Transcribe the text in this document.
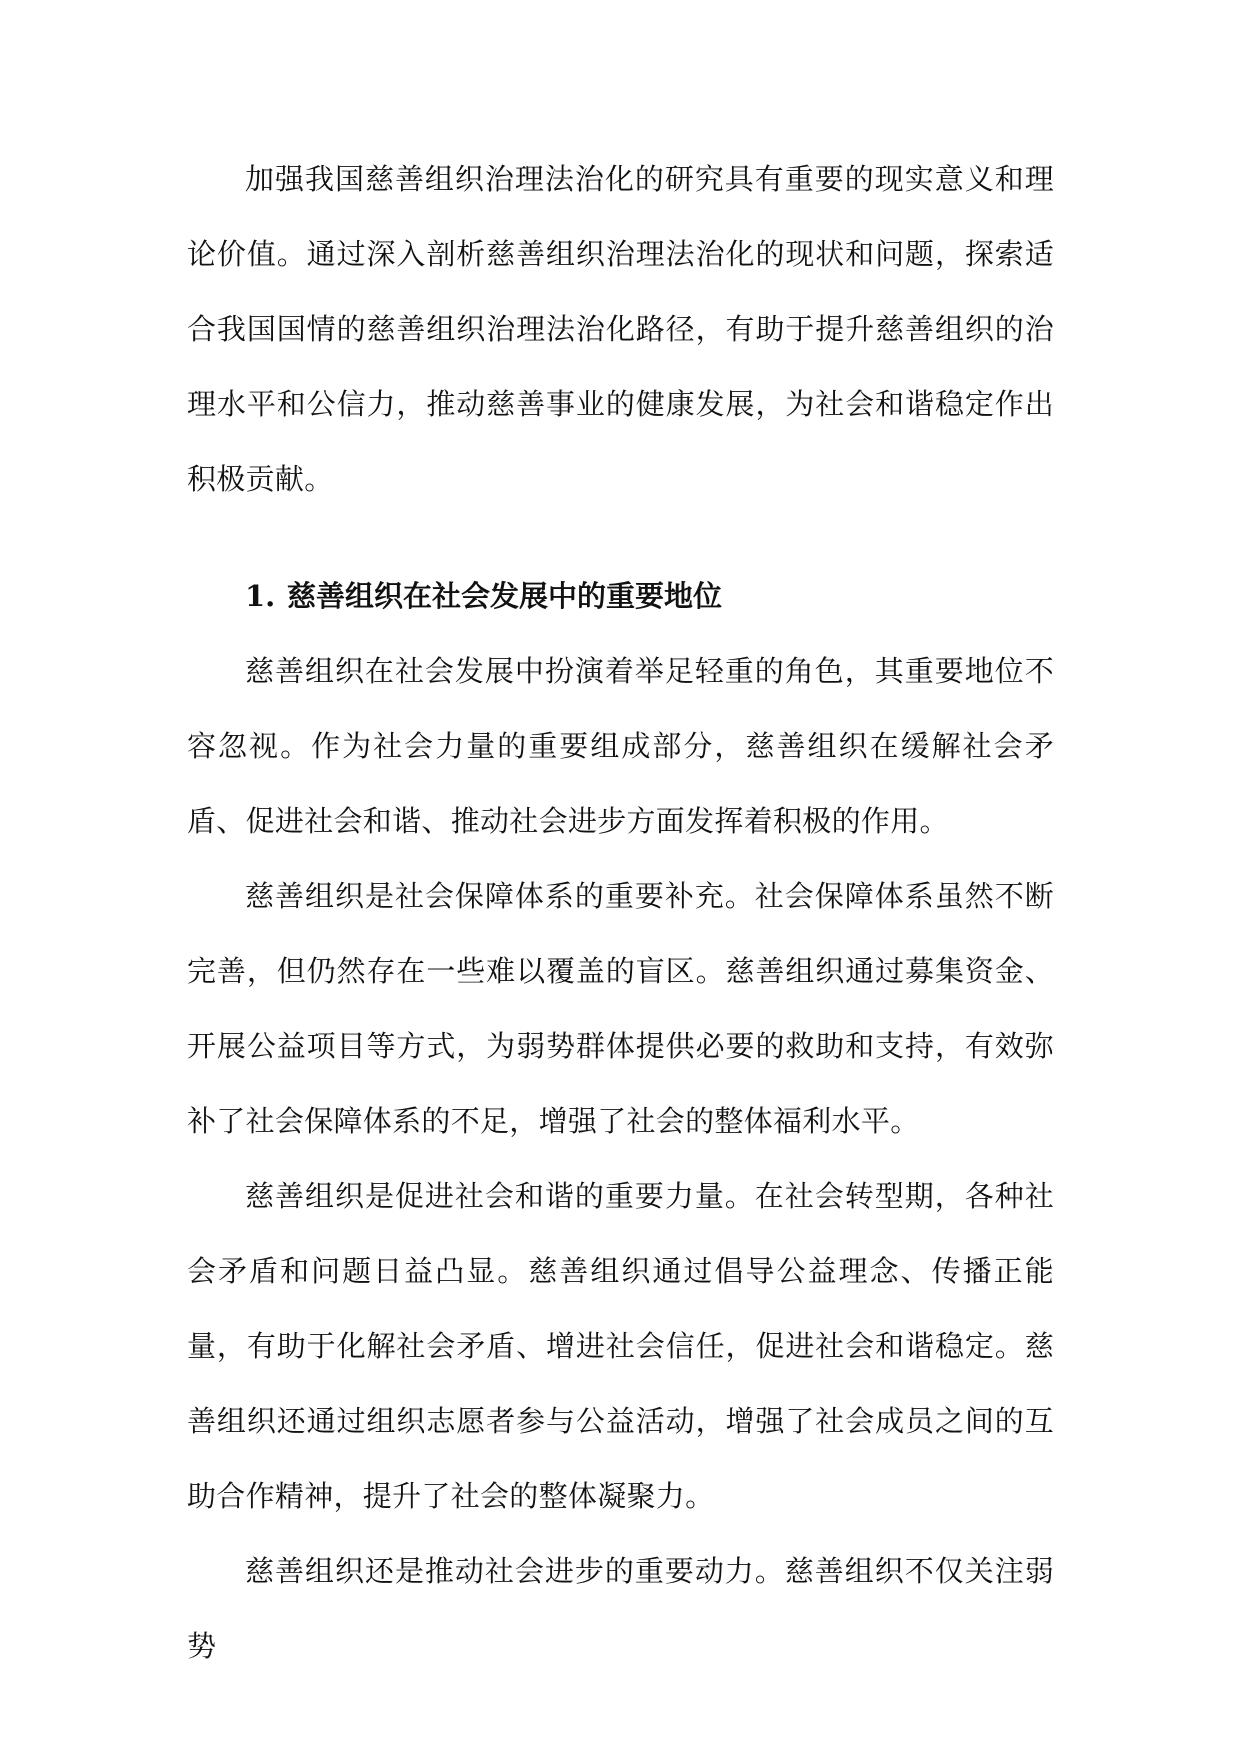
加强我国慈善组织治理法治化的研究具有重要的现实意义和理论价值。通过深入剖析慈善组织治理法治化的现状和问题，探索适合我国国情的慈善组织治理法治化路径，有助于提升慈善组织的治理水平和公信力，推动慈善事业的健康发展，为社会和谐稳定作出积极贡献。

1. 慈善组织在社会发展中的重要地位

慈善组织在社会发展中扮演着举足轻重的角色，其重要地位不容忽视。作为社会力量的重要组成部分，慈善组织在缓解社会矛盾、促进社会和谐、推动社会进步方面发挥着积极的作用。

慈善组织是社会保障体系的重要补充。社会保障体系虽然不断完善，但仍然存在一些难以覆盖的盲区。慈善组织通过募集资金、开展公益项目等方式，为弱势群体提供必要的救助和支持，有效弥补了社会保障体系的不足，增强了社会的整体福利水平。

慈善组织是促进社会和谐的重要力量。在社会转型期，各种社会矛盾和问题日益凸显。慈善组织通过倡导公益理念、传播正能量，有助于化解社会矛盾、增进社会信任，促进社会和谐稳定。慈善组织还通过组织志愿者参与公益活动，增强了社会成员之间的互助合作精神，提升了社会的整体凝聚力。

慈善组织还是推动社会进步的重要动力。慈善组织不仅关注弱势
